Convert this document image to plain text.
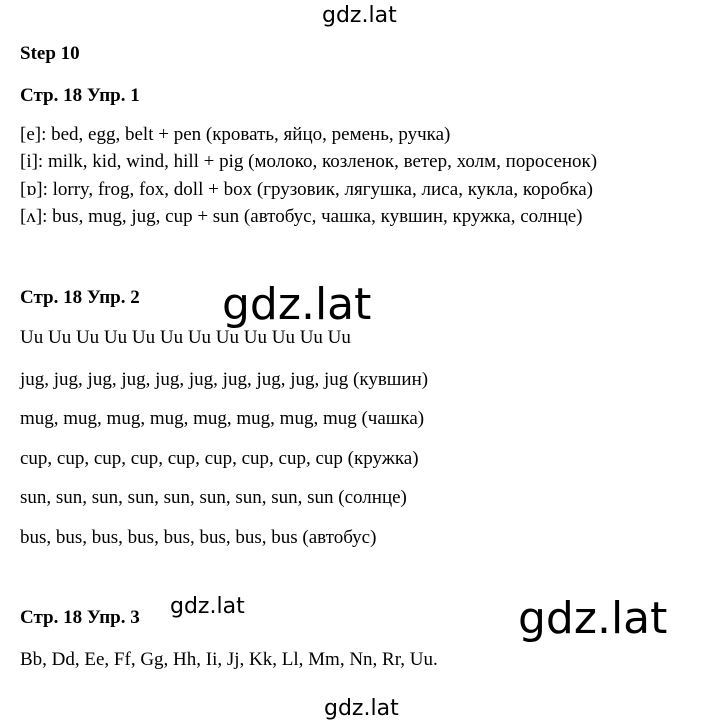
gdz.lat
gdz.lat
gdz.lat	gdz.lat
gdz.lat
Step 10
Стр. 18 Упр. 1
[e]: bed, egg, belt + pen (кровать, яйцо, ремень, ручка)
[i]: milk, kid, wind, hill + pig (молоко, козленок, ветер, холм, поросенок)
[ɒ]: lorry, frog, fox, doll + box (грузовик, лягушка, лиса, кукла, коробка)
[ʌ]: bus, mug, jug, cup + sun (автобус, чашка, кувшин, кружка, солнце)
Стр. 18 Упр. 2
Uu Uu Uu Uu Uu Uu Uu Uu Uu Uu Uu Uu
jug, jug, jug, jug, jug, jug, jug, jug, jug, jug (кувшин)
mug, mug, mug, mug, mug, mug, mug, mug (чашка)
cup, cup, cup, cup, cup, cup, cup, cup, cup (кружка)
sun, sun, sun, sun, sun, sun, sun, sun, sun (солнце)
bus, bus, bus, bus, bus, bus, bus, bus (автобус)
Стр. 18 Упр. 3
Bb, Dd, Ee, Ff, Gg, Hh, Ii, Jj, Kk, Ll, Mm, Nn, Rr, Uu.
